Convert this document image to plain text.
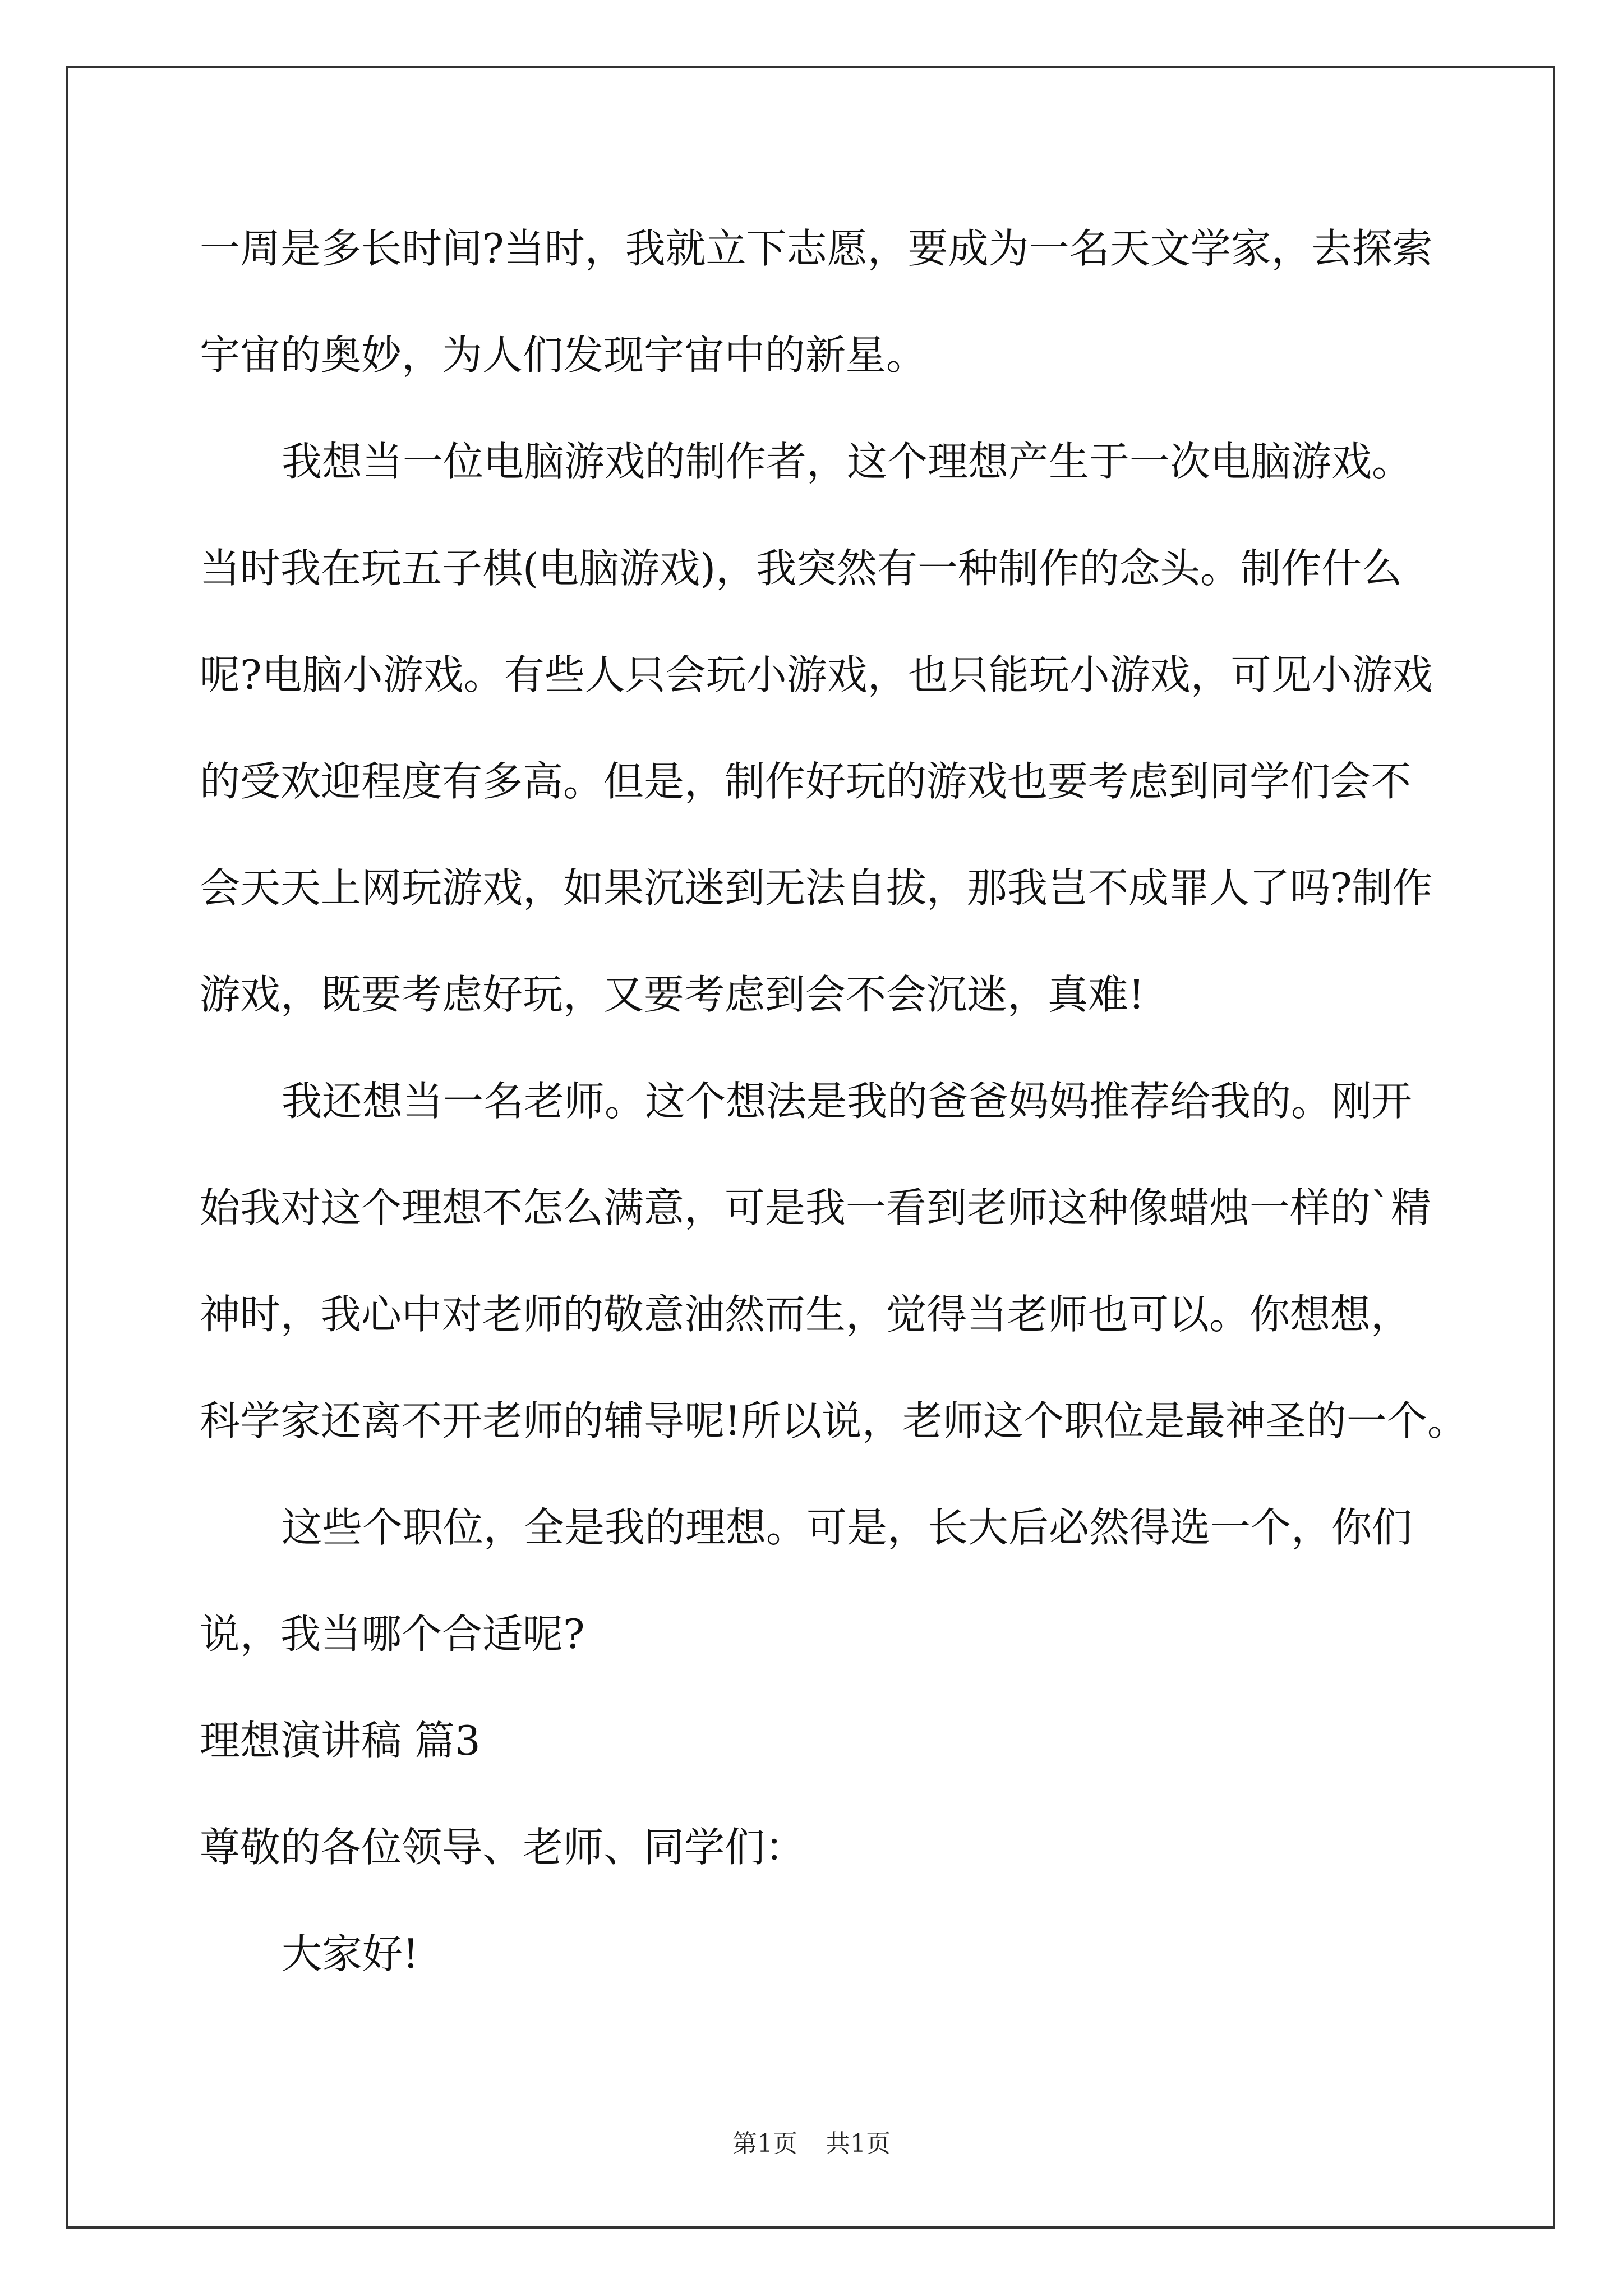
一周是多长时间?当时，我就立下志愿，要成为一名天文学家，去探索
宇宙的奥妙，为人们发现宇宙中的新星。
我想当一位电脑游戏的制作者，这个理想产生于一次电脑游戏。
当时我在玩五子棋(电脑游戏)，我突然有一种制作的念头。制作什么
呢?电脑小游戏。有些人只会玩小游戏，也只能玩小游戏，可见小游戏
的受欢迎程度有多高。但是，制作好玩的游戏也要考虑到同学们会不
会天天上网玩游戏，如果沉迷到无法自拔，那我岂不成罪人了吗?制作
游戏，既要考虑好玩，又要考虑到会不会沉迷，真难!
我还想当一名老师。这个想法是我的爸爸妈妈推荐给我的。刚开
始我对这个理想不怎么满意，可是我一看到老师这种像蜡烛一样的`精
神时，我心中对老师的敬意油然而生，觉得当老师也可以。你想想，
科学家还离不开老师的辅导呢!所以说，老师这个职位是最神圣的一个。
这些个职位，全是我的理想。可是，长大后必然得选一个，你们
说，我当哪个合适呢?
理想演讲稿 篇3
尊敬的各位领导、老师、同学们：
大家好!
第1页 共1页
